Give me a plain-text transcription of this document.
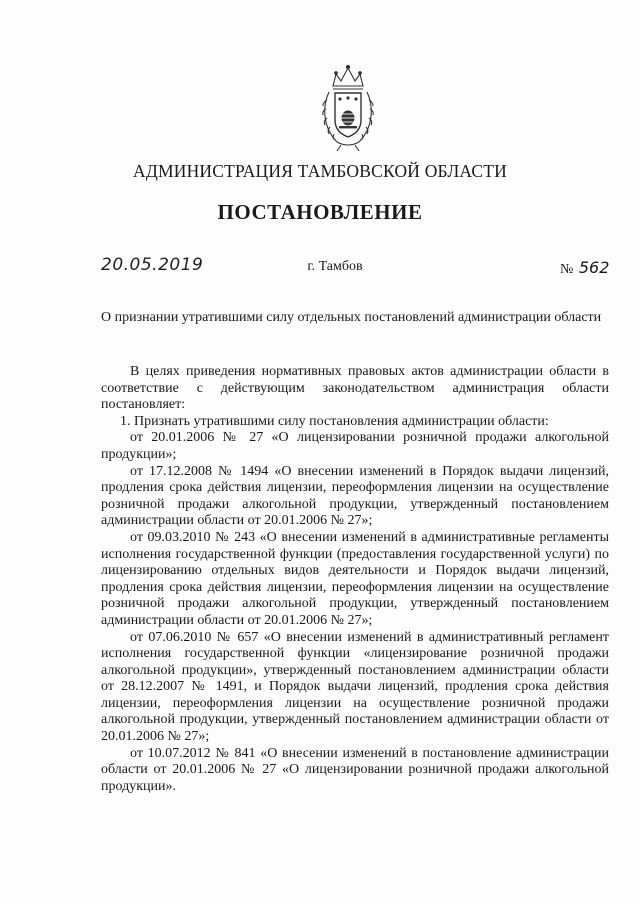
АДМИНИСТРАЦИЯ ТАМБОВСКОЙ ОБЛАСТИ
ПОСТАНОВЛЕНИЕ
20.05.2019	г. Тамбов	№ 562

О признании утратившими силу отдельных постановлений администрации области

В целях приведения нормативных правовых актов администрации области в соответствие с действующим законодательством администрация области постановляет:

1. Признать утратившими силу постановления администрации области:

от 20.01.2006 № 27 «О лицензировании розничной продажи алкогольной продукции»;

от 17.12.2008 № 1494 «О внесении изменений в Порядок выдачи лицензий, продления срока действия лицензии, переоформления лицензии на осуществление розничной продажи алкогольной продукции, утвержденный постановлением администрации области от 20.01.2006 № 27»;

от 09.03.2010 № 243 «О внесении изменений в административные регламенты исполнения государственной функции (предоставления государственной услуги) по лицензированию отдельных видов деятельности и Порядок выдачи лицензий, продления срока действия лицензии, переоформления лицензии на осуществление розничной продажи алкогольной продукции, утвержденный постановлением администрации области от 20.01.2006 № 27»;

от 07.06.2010 № 657 «О внесении изменений в административный регламент исполнения государственной функции «лицензирование розничной продажи алкогольной продукции», утвержденный постановлением администрации области от 28.12.2007 № 1491, и Порядок выдачи лицензий, продления срока действия лицензии, переоформления лицензии на осуществление розничной продажи алкогольной продукции, утвержденный постановлением администрации области от 20.01.2006 № 27»;

от 10.07.2012 № 841 «О внесении изменений в постановление администрации области от 20.01.2006 № 27 «О лицензировании розничной продажи алкогольной продукции».
